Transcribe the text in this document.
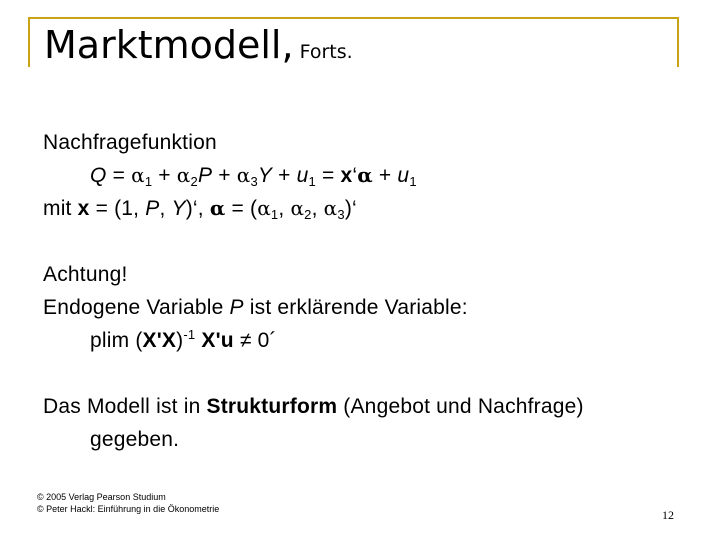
Marktmodell, Forts.
Nachfragefunktion
$Q = \alpha_1 + \alpha_2P + \alpha_3Y + u_1$ = x‘α + $u_1$
mit x = (1, P, Y)‘, $\alpha = (\alpha_1$, $\alpha_2$, $\alpha_3)‘$
Achtung!
Endogene Variable P ist erklärende Variable:
plim $(X'X)^{-1}$ X'u ≠ 0´
Das Modell ist in Strukturform (Angebot und Nachfrage)
gegeben.
© 2005 Verlag Pearson Studium
© Peter Hackl: Einführung in die Ökonometrie	12
